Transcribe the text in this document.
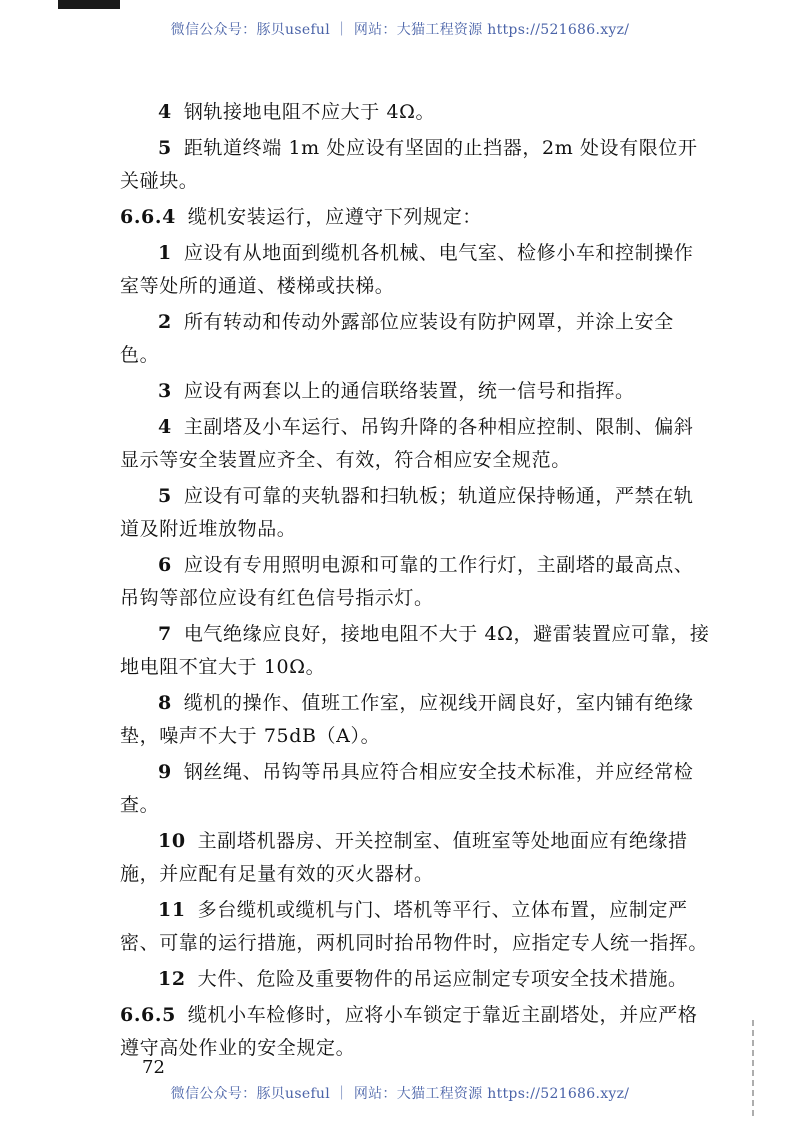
微信公众号：豚贝useful ｜ 网站：大猫工程资源 https://521686.xyz/

4 钢轨接地电阻不应大于 4Ω。

5 距轨道终端 1m 处应设有坚固的止挡器，2m 处设有限位开关碰块。

6.6.4 缆机安装运行，应遵守下列规定：

1 应设有从地面到缆机各机械、电气室、检修小车和控制操作室等处所的通道、楼梯或扶梯。

2 所有转动和传动外露部位应装设有防护网罩，并涂上安全色。

3 应设有两套以上的通信联络装置，统一信号和指挥。

4 主副塔及小车运行、吊钩升降的各种相应控制、限制、偏斜显示等安全装置应齐全、有效，符合相应安全规范。

5 应设有可靠的夹轨器和扫轨板；轨道应保持畅通，严禁在轨道及附近堆放物品。

6 应设有专用照明电源和可靠的工作行灯，主副塔的最高点、吊钩等部位应设有红色信号指示灯。

7 电气绝缘应良好，接地电阻不大于 4Ω，避雷装置应可靠，接地电阻不宜大于 10Ω。

8 缆机的操作、值班工作室，应视线开阔良好，室内铺有绝缘垫，噪声不大于 75dB（A）。

9 钢丝绳、吊钩等吊具应符合相应安全技术标准，并应经常检查。

10 主副塔机器房、开关控制室、值班室等处地面应有绝缘措施，并应配有足量有效的灭火器材。

11 多台缆机或缆机与门、塔机等平行、立体布置，应制定严密、可靠的运行措施，两机同时抬吊物件时，应指定专人统一指挥。

12 大件、危险及重要物件的吊运应制定专项安全技术措施。

6.6.5 缆机小车检修时，应将小车锁定于靠近主副塔处，并应严格遵守高处作业的安全规定。

72
微信公众号：豚贝useful ｜ 网站：大猫工程资源 https://521686.xyz/
